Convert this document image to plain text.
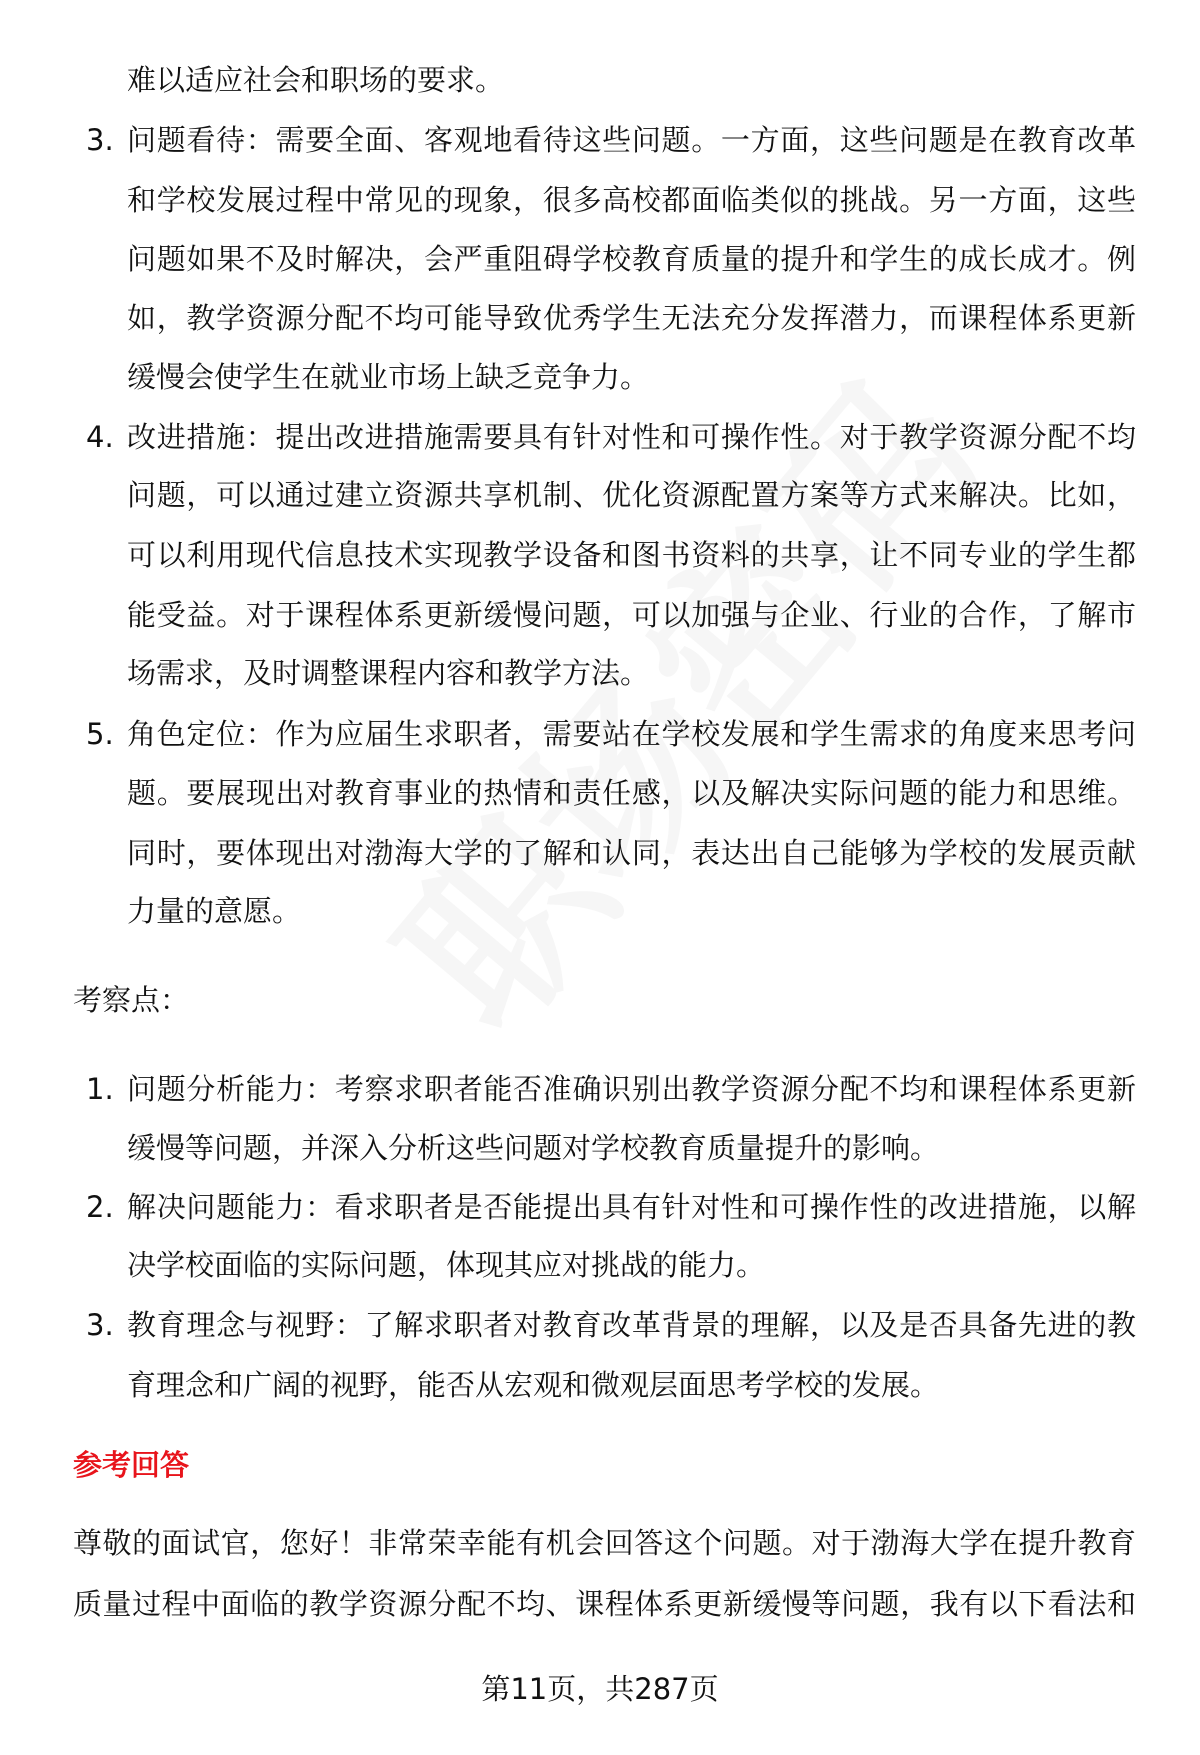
难以适应社会和职场的要求。
3. 问题看待：需要全面、客观地看待这些问题。一方面，这些问题是在教育改革
和学校发展过程中常见的现象，很多高校都面临类似的挑战。另一方面，这些
问题如果不及时解决，会严重阻碍学校教育质量的提升和学生的成长成才。例
如，教学资源分配不均可能导致优秀学生无法充分发挥潜力，而课程体系更新
缓慢会使学生在就业市场上缺乏竞争力。
4. 改进措施：提出改进措施需要具有针对性和可操作性。对于教学资源分配不均
问题，可以通过建立资源共享机制、优化资源配置方案等方式来解决。比如，
可以利用现代信息技术实现教学设备和图书资料的共享，让不同专业的学生都
能受益。对于课程体系更新缓慢问题，可以加强与企业、行业的合作，了解市
场需求，及时调整课程内容和教学方法。
5. 角色定位：作为应届生求职者，需要站在学校发展和学生需求的角度来思考问
题。要展现出对教育事业的热情和责任感，以及解决实际问题的能力和思维。
同时，要体现出对渤海大学的了解和认同，表达出自己能够为学校的发展贡献
力量的意愿。
考察点：
1. 问题分析能力：考察求职者能否准确识别出教学资源分配不均和课程体系更新
缓慢等问题，并深入分析这些问题对学校教育质量提升的影响。
2. 解决问题能力：看求职者是否能提出具有针对性和可操作性的改进措施，以解
决学校面临的实际问题，体现其应对挑战的能力。
3. 教育理念与视野：了解求职者对教育改革背景的理解，以及是否具备先进的教
育理念和广阔的视野，能否从宏观和微观层面思考学校的发展。
参考回答
尊敬的面试官，您好！非常荣幸能有机会回答这个问题。对于渤海大学在提升教育
质量过程中面临的教学资源分配不均、课程体系更新缓慢等问题，我有以下看法和
第11页，共287页
